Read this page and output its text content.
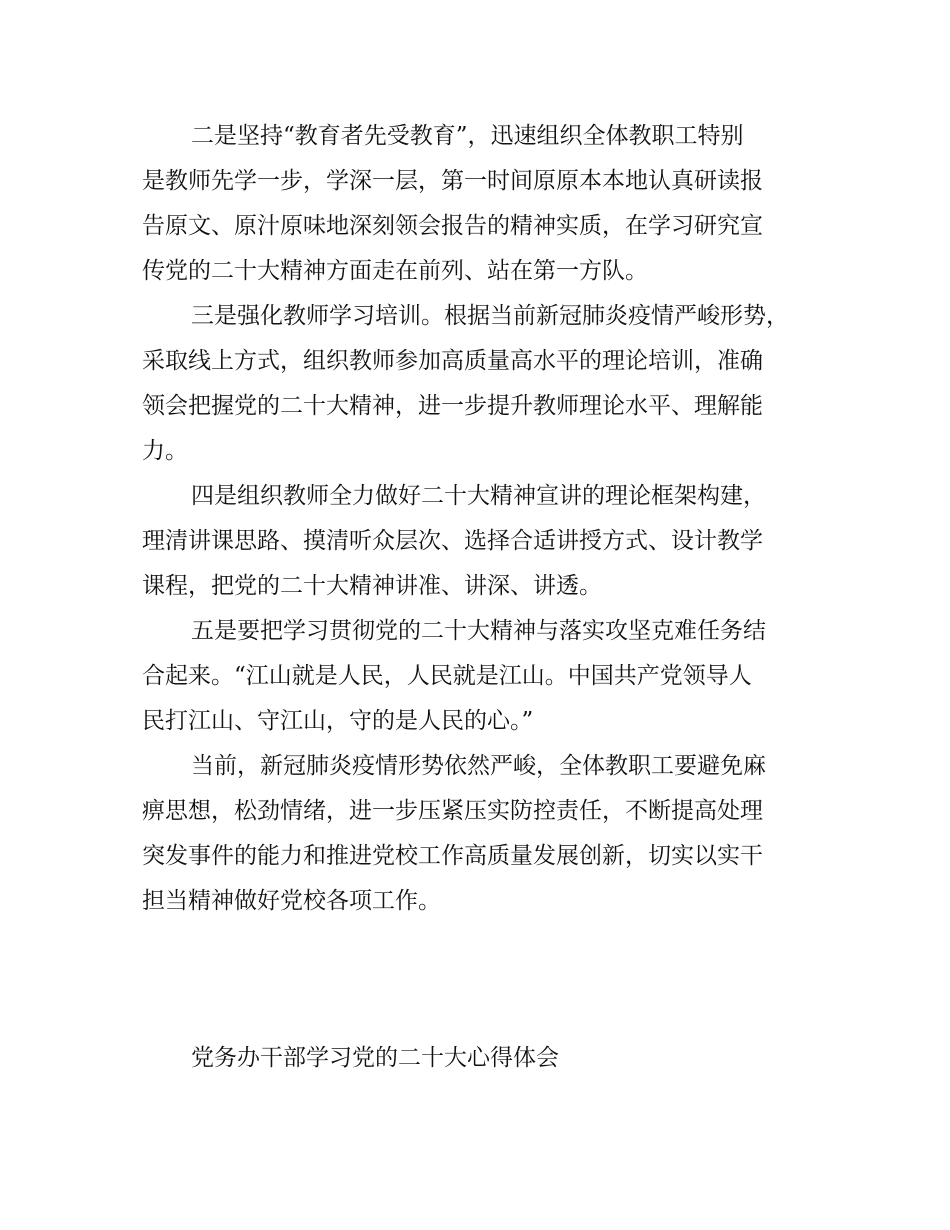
二是坚持“教育者先受教育”，迅速组织全体教职工特别
是教师先学一步，学深一层，第一时间原原本本地认真研读报
告原文、原汁原味地深刻领会报告的精神实质，在学习研究宣
传党的二十大精神方面走在前列、站在第一方队。
三是强化教师学习培训。根据当前新冠肺炎疫情严峻形势，
采取线上方式，组织教师参加高质量高水平的理论培训，准确
领会把握党的二十大精神，进一步提升教师理论水平、理解能
力。
四是组织教师全力做好二十大精神宣讲的理论框架构建，
理清讲课思路、摸清听众层次、选择合适讲授方式、设计教学
课程，把党的二十大精神讲准、讲深、讲透。
五是要把学习贯彻党的二十大精神与落实攻坚克难任务结
合起来。“江山就是人民，人民就是江山。中国共产党领导人
民打江山、守江山，守的是人民的心。”
当前，新冠肺炎疫情形势依然严峻，全体教职工要避免麻
痹思想，松劲情绪，进一步压紧压实防控责任，不断提高处理
突发事件的能力和推进党校工作高质量发展创新，切实以实干
担当精神做好党校各项工作。
党务办干部学习党的二十大心得体会
